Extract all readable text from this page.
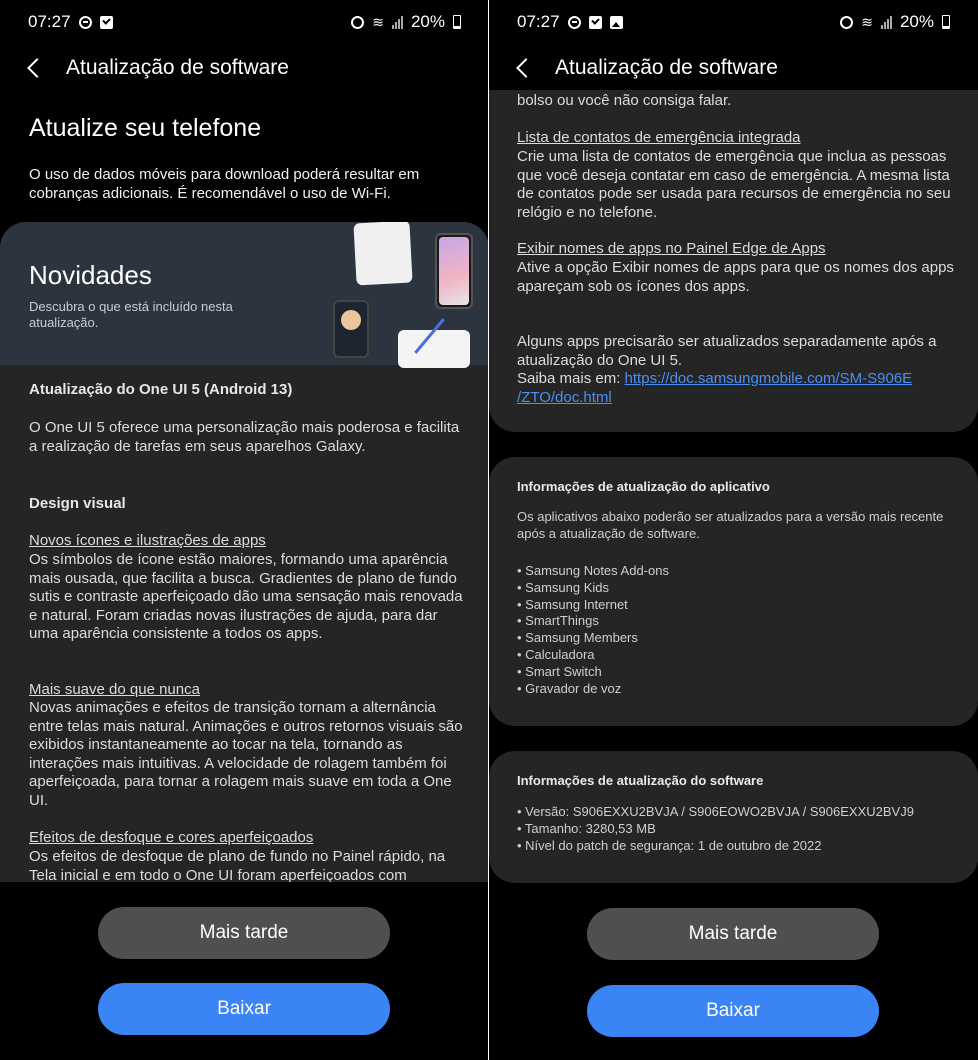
07:27	≋ 20%
Atualização de software
Atualize seu telefone
O uso de dados móveis para download poderá resultar em cobranças adicionais. É recomendável o uso de Wi-Fi.
Novidades
Descubra o que está incluído nesta atualização.
Atualização do One UI 5 (Android 13)
O One UI 5 oferece uma personalização mais poderosa e facilita a realização de tarefas em seus aparelhos Galaxy.
Design visual
Novos ícones e ilustrações de apps
Os símbolos de ícone estão maiores, formando uma aparência mais ousada, que facilita a busca. Gradientes de plano de fundo sutis e contraste aperfeiçoado dão uma sensação mais renovada e natural. Foram criadas novas ilustrações de ajuda, para dar uma aparência consistente a todos os apps.
Mais suave do que nunca
Novas animações e efeitos de transição tornam a alternância entre telas mais natural. Animações e outros retornos visuais são exibidos instantaneamente ao tocar na tela, tornando as interações mais intuitivas. A velocidade de rolagem também foi aperfeiçoada, para tornar a rolagem mais suave em toda a One UI.
Efeitos de desfoque e cores aperfeiçoados
Os efeitos de desfoque de plano de fundo no Painel rápido, na Tela inicial e em todo o One UI foram aperfeiçoados com
Mais tarde
Baixar
07:27	≋ 20%
Atualização de software
bolso ou você não consiga falar.
Lista de contatos de emergência integrada
Crie uma lista de contatos de emergência que inclua as pessoas que você deseja contatar em caso de emergência. A mesma lista de contatos pode ser usada para recursos de emergência no seu relógio e no telefone.
Exibir nomes de apps no Painel Edge de Apps
Ative a opção Exibir nomes de apps para que os nomes dos apps apareçam sob os ícones dos apps.
Alguns apps precisarão ser atualizados separadamente após a atualização do One UI 5.
Saiba mais em: https://doc.samsungmobile.com/SM-S906E
/ZTO/doc.html
Informações de atualização do aplicativo
Os aplicativos abaixo poderão ser atualizados para a versão mais recente após a atualização de software.
• Samsung Notes Add-ons
• Samsung Kids
• Samsung Internet
• SmartThings
• Samsung Members
• Calculadora
• Smart Switch
• Gravador de voz
Informações de atualização do software
• Versão: S906EXXU2BVJA / S906EOWO2BVJA / S906EXXU2BVJ9
• Tamanho: 3280,53 MB
• Nível do patch de segurança: 1 de outubro de 2022
Mais tarde
Baixar
